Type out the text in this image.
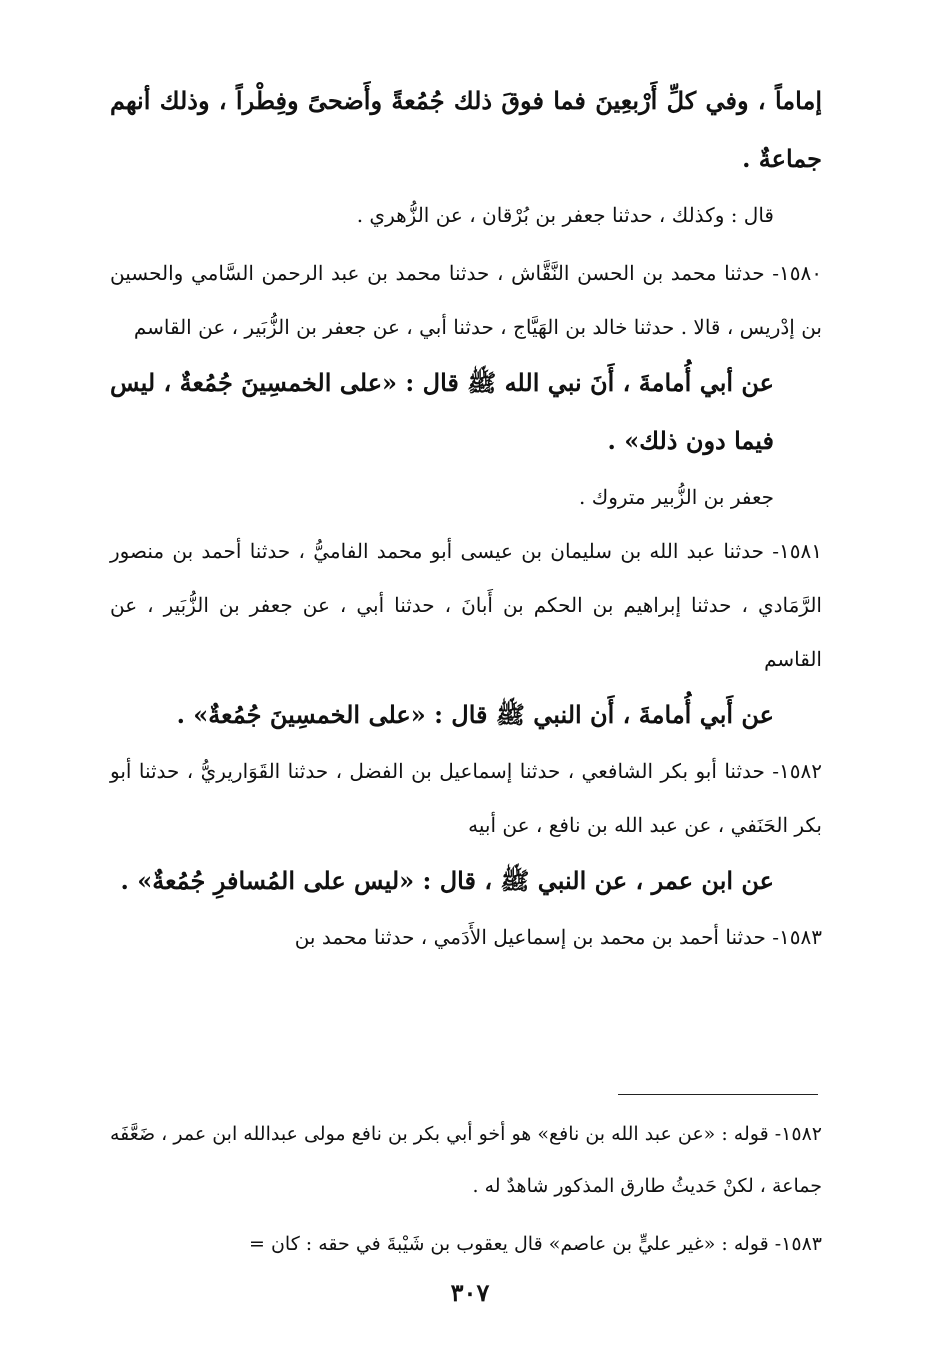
إماماً ، وفي كلِّ أَرْبعِينَ فما فوقَ ذلك جُمُعةً وأَضحىً وفِطْراً ، وذلك أنهم جماعةٌ .

قال : وكذلك ، حدثنا جعفر بن بُرْقان ، عن الزُّهري .

١٥٨٠- حدثنا محمد بن الحسن النَّقَّاش ، حدثنا محمد بن عبد الرحمن السَّامي والحسين بن إدْريس ، قالا . حدثنا خالد بن الهَيَّاج ، حدثنا أبي ، عن جعفر بن الزُّبَير ، عن القاسم

عن أبي أُمامةَ ، أَنَ نبي الله ﷺ قال : «على الخمسِينَ جُمُعةٌ ، ليس فيما دون ذلك» .

جعفر بن الزُّبير متروك .

١٥٨١- حدثنا عبد الله بن سليمان بن عيسى أبو محمد الفاميُّ ، حدثنا أحمد بن منصور الرَّمَادي ، حدثنا إبراهيم بن الحكم بن أَبانَ ، حدثنا أبي ، عن جعفر بن الزُّبَير ، عن القاسم

عن أَبي أُمامةَ ، أَن النبي ﷺ قال : «على الخمسِينَ جُمُعةٌ» .

١٥٨٢- حدثنا أبو بكر الشافعي ، حدثنا إسماعيل بن الفضل ، حدثنا القَوَاريريُّ ، حدثنا أبو بكر الحَنَفي ، عن عبد الله بن نافع ، عن أبيه

عن ابن عمر ، عن النبي ﷺ ، قال : «ليس على المُسافرِ جُمُعةٌ» .

١٥٨٣- حدثنا أحمد بن محمد بن إسماعيل الأَدَمي ، حدثنا محمد بن

١٥٨٢- قوله : «عن عبد الله بن نافع» هو أخو أبي بكر بن نافع مولى عبدالله ابن عمر ، ضَعَّفَه جماعة ، لكنْ حَديثُ طارق المذكور شاهدٌ له .

١٥٨٣- قوله : «غير عليٍّ بن عاصم» قال يعقوب بن شَيْبةَ في حقه : كان =

٣٠٧
